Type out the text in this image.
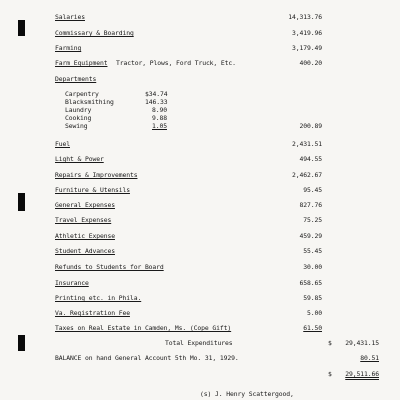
Salaries	14,313.76
Commissary & Boarding	3,419.96
Farming	3,179.49
Farm Equipment Tractor, Plows, Ford Truck, Etc.	400.20
Departments
Carpentry	$34.74
Blacksmithing	146.33
Laundry	8.90
Cooking	9.88
Sewing	1.05	200.89
Fuel	2,431.51
Light & Power	494.55
Repairs & Improvements	2,462.67
Furniture & Utensils	95.45
General Expenses	827.76
Travel Expenses	75.25
Athletic Expense	459.29
Student Advances	55.45
Refunds to Students for Board	30.00
Insurance	658.65
Printing etc. in Phila.	59.85
Va. Registration Fee	5.00
Taxes on Real Estate in Camden, Ms. (Cope Gift)	61.50
Total Expenditures	$	29,431.15
BALANCE on hand General Account 5th Mo. 31, 1929.	80.51
$	29,511.66
(s) J. Henry Scattergood,
